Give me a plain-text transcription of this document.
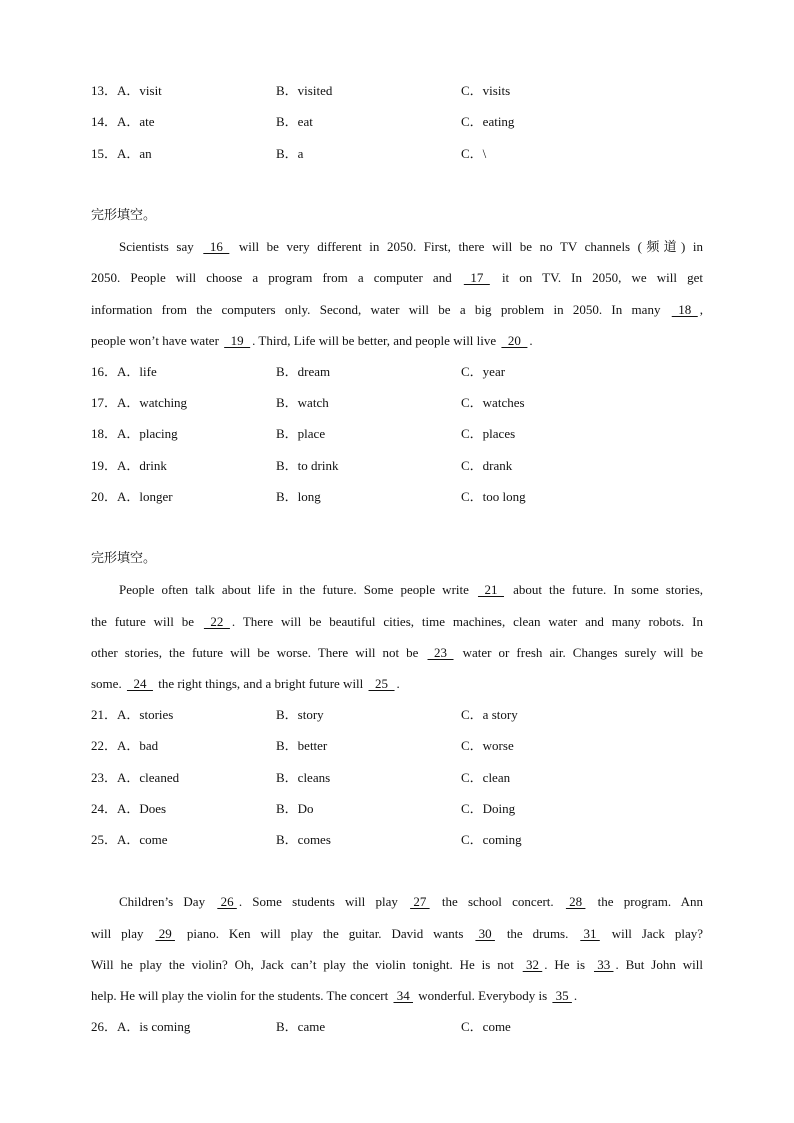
13．A．visit	B．visited	C．visits
14．A．ate	B．eat	C．eating
15．A．an	B．a	C．\
完形填空。
Scientists say   16   will be very different in 2050. First, there will be no TV channels (频道) in
2050. People will choose a program from a computer and   17   it on TV. In 2050, we will get
information from the computers only. Second, water will be a big problem in 2050. In many   18  ,
people won’t have water   19  . Third, Life will be better, and people will live   20  .
16．A．life	B．dream	C．year
17．A．watching	B．watch	C．watches
18．A．placing	B．place	C．places
19．A．drink	B．to drink	C．drank
20．A．longer	B．long	C．too long
完形填空。
People often talk about life in the future. Some people write   21   about the future. In some stories,
the future will be   22  . There will be beautiful cities, time machines, clean water and many robots. In
other stories, the future will be worse. There will not be   23   water or fresh air. Changes surely will be
some.   24   the right things, and a bright future will   25  .
21．A．stories	B．story	C．a story
22．A．bad	B．better	C．worse
23．A．cleaned	B．cleans	C．clean
24．A．Does	B．Do	C．Doing
25．A．come	B．comes	C．coming
Children’s Day  26 . Some students will play  27  the school concert.  28  the program. Ann
will play  29  piano. Ken will play the guitar. David wants  30  the drums.  31  will Jack play?
Will he play the violin? Oh, Jack can’t play the violin tonight. He is not  32 . He is  33 . But John will
help. He will play the violin for the students. The concert  34  wonderful. Everybody is  35 .
26．A．is coming	B．came	C．come
